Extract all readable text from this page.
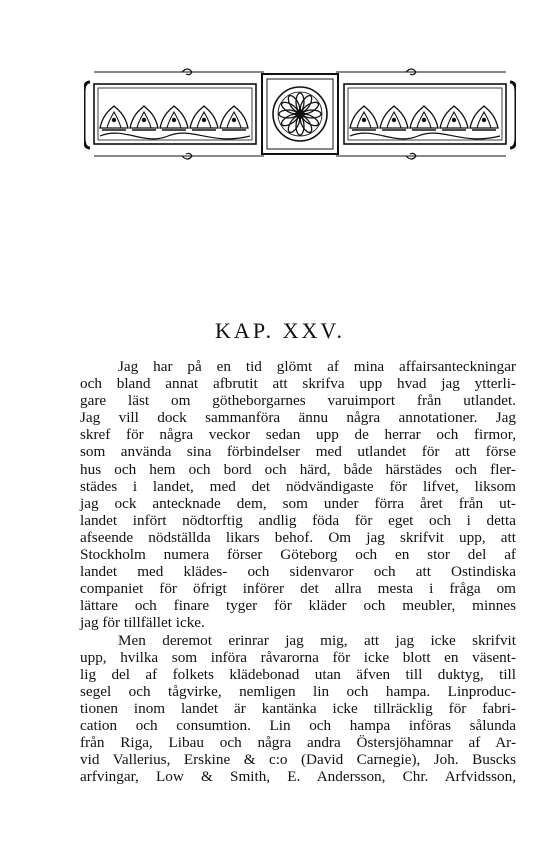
KAP. XXV.
Jag har på en tid glömt af mina affairsanteckningar
och bland annat afbrutit att skrifva upp hvad jag ytterli-
gare läst om götheborgarnes varuimport från utlandet.
Jag vill dock sammanföra ännu några annotationer. Jag
skref för några veckor sedan upp de herrar och firmor,
som använda sina förbindelser med utlandet för att förse
hus och hem och bord och härd, både härstädes och fler-
städes i landet, med det nödvändigaste för lifvet, liksom
jag ock antecknade dem, som under förra året från ut-
landet infört nödtorftig andlig föda för eget och i detta
afseende nödställda likars behof. Om jag skrifvit upp, att
Stockholm numera förser Göteborg och en stor del af
landet med klädes- och sidenvaror och att Ostindiska
companiet för öfrigt införer det allra mesta i fråga om
lättare och finare tyger för kläder och meubler, minnes
jag för tillfället icke.
Men deremot erinrar jag mig, att jag icke skrifvit
upp, hvilka som införa råvarorna för icke blott en väsent-
lig del af folkets klädebonad utan äfven till duktyg, till
segel och tågvirke, nemligen lin och hampa. Linproduc-
tionen inom landet är kantänka icke tillräcklig för fabri-
cation och consumtion. Lin och hampa införas sålunda
från Riga, Libau och några andra Östersjöhamnar af Ar-
vid Vallerius, Erskine & c:o (David Carnegie), Joh. Buscks
arfvingar, Low & Smith, E. Andersson, Chr. Arfvidsson,
